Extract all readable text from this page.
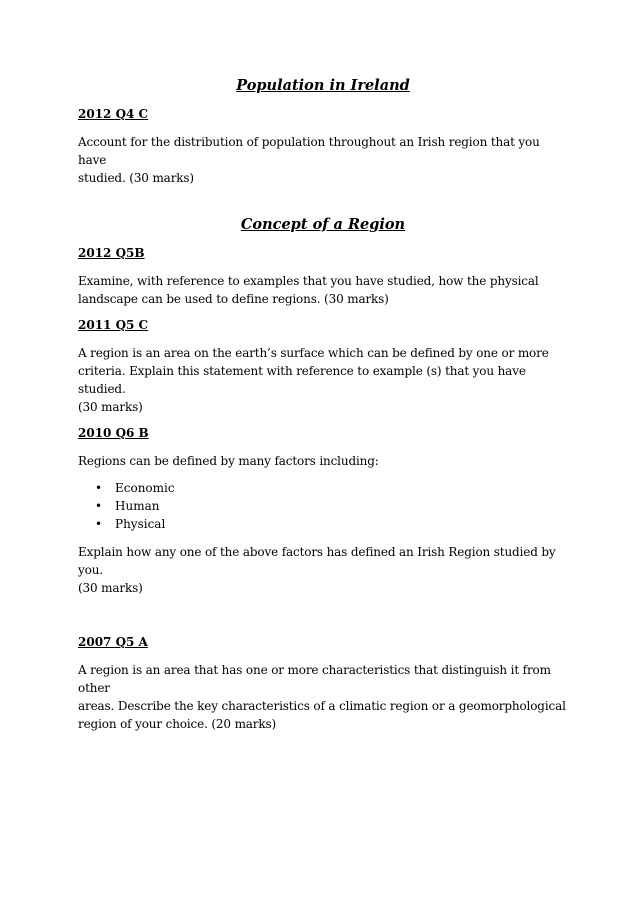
Population in Ireland
2012 Q4 C
Account for the distribution of population throughout an Irish region that you have
studied. (30 marks)
Concept of a Region
2012 Q5B
Examine, with reference to examples that you have studied, how the physical
landscape can be used to define regions. (30 marks)
2011 Q5 C
A region is an area on the earth’s surface which can be defined by one or more
criteria. Explain this statement with reference to example (s) that you have studied.
(30 marks)
2010 Q6 B
Regions can be defined by many factors including:
• Economic
• Human
• Physical
Explain how any one of the above factors has defined an Irish Region studied by you.
(30 marks)
2007 Q5 A
A region is an area that has one or more characteristics that distinguish it from other
areas. Describe the key characteristics of a climatic region or a geomorphological
region of your choice. (20 marks)
